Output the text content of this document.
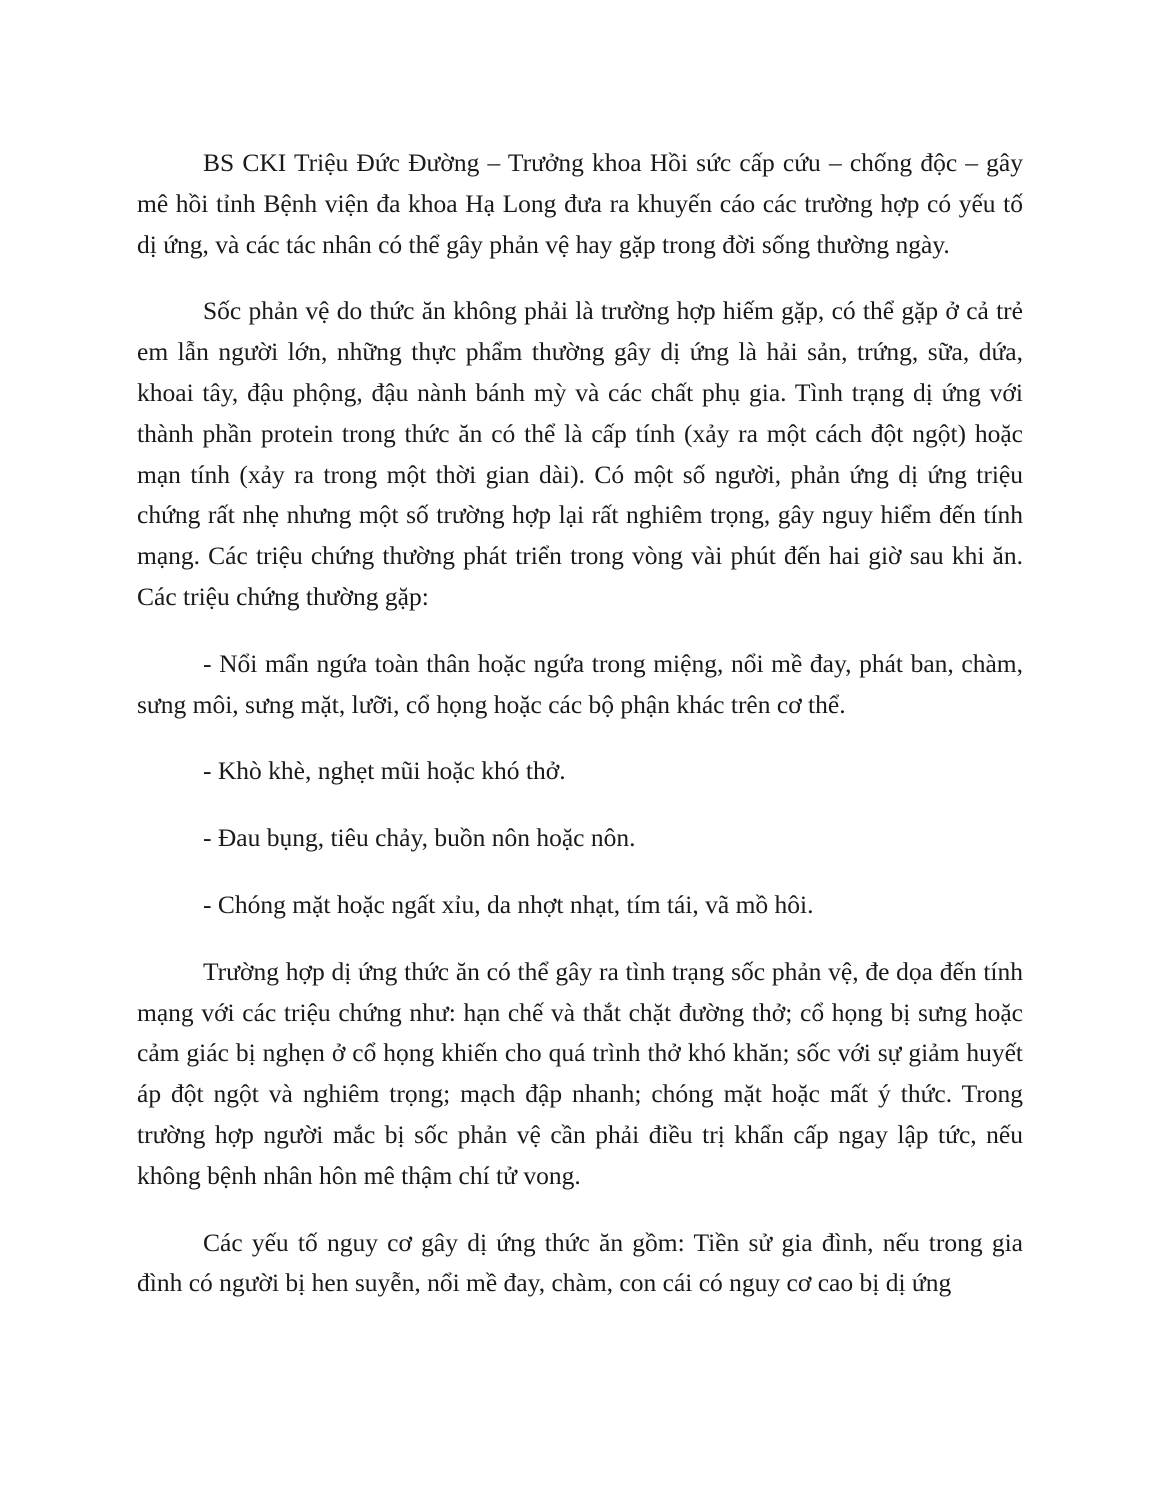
BS CKI Triệu Đức Đường – Trưởng khoa Hồi sức cấp cứu – chống độc – gây mê hồi tỉnh Bệnh viện đa khoa Hạ Long đưa ra khuyến cáo các trường hợp có yếu tố dị ứng, và các tác nhân có thể gây phản vệ hay gặp trong đời sống thường ngày.

Sốc phản vệ do thức ăn không phải là trường hợp hiếm gặp, có thể gặp ở cả trẻ em lẫn người lớn, những thực phẩm thường gây dị ứng là hải sản, trứng, sữa, dứa, khoai tây, đậu phộng, đậu nành bánh mỳ và các chất phụ gia. Tình trạng dị ứng với thành phần protein trong thức ăn có thể là cấp tính (xảy ra một cách đột ngột) hoặc mạn tính (xảy ra trong một thời gian dài). Có một số người, phản ứng dị ứng triệu chứng rất nhẹ nhưng một số trường hợp lại rất nghiêm trọng, gây nguy hiểm đến tính mạng. Các triệu chứng thường phát triển trong vòng vài phút đến hai giờ sau khi ăn. Các triệu chứng thường gặp:

- Nổi mẩn ngứa toàn thân hoặc ngứa trong miệng, nổi mề đay, phát ban, chàm, sưng môi, sưng mặt, lưỡi, cổ họng hoặc các bộ phận khác trên cơ thể.

- Khò khè, nghẹt mũi hoặc khó thở.

- Đau bụng, tiêu chảy, buồn nôn hoặc nôn.

- Chóng mặt hoặc ngất xỉu, da nhợt nhạt, tím tái, vã mồ hôi.

Trường hợp dị ứng thức ăn có thể gây ra tình trạng sốc phản vệ, đe dọa đến tính mạng với các triệu chứng như: hạn chế và thắt chặt đường thở; cổ họng bị sưng hoặc cảm giác bị nghẹn ở cổ họng khiến cho quá trình thở khó khăn; sốc với sự giảm huyết áp đột ngột và nghiêm trọng; mạch đập nhanh; chóng mặt hoặc mất ý thức. Trong trường hợp người mắc bị sốc phản vệ cần phải điều trị khẩn cấp ngay lập tức, nếu không bệnh nhân hôn mê thậm chí tử vong.

Các yếu tố nguy cơ gây dị ứng thức ăn gồm: Tiền sử gia đình, nếu trong gia đình có người bị hen suyễn, nổi mề đay, chàm, con cái có nguy cơ cao bị dị ứng
